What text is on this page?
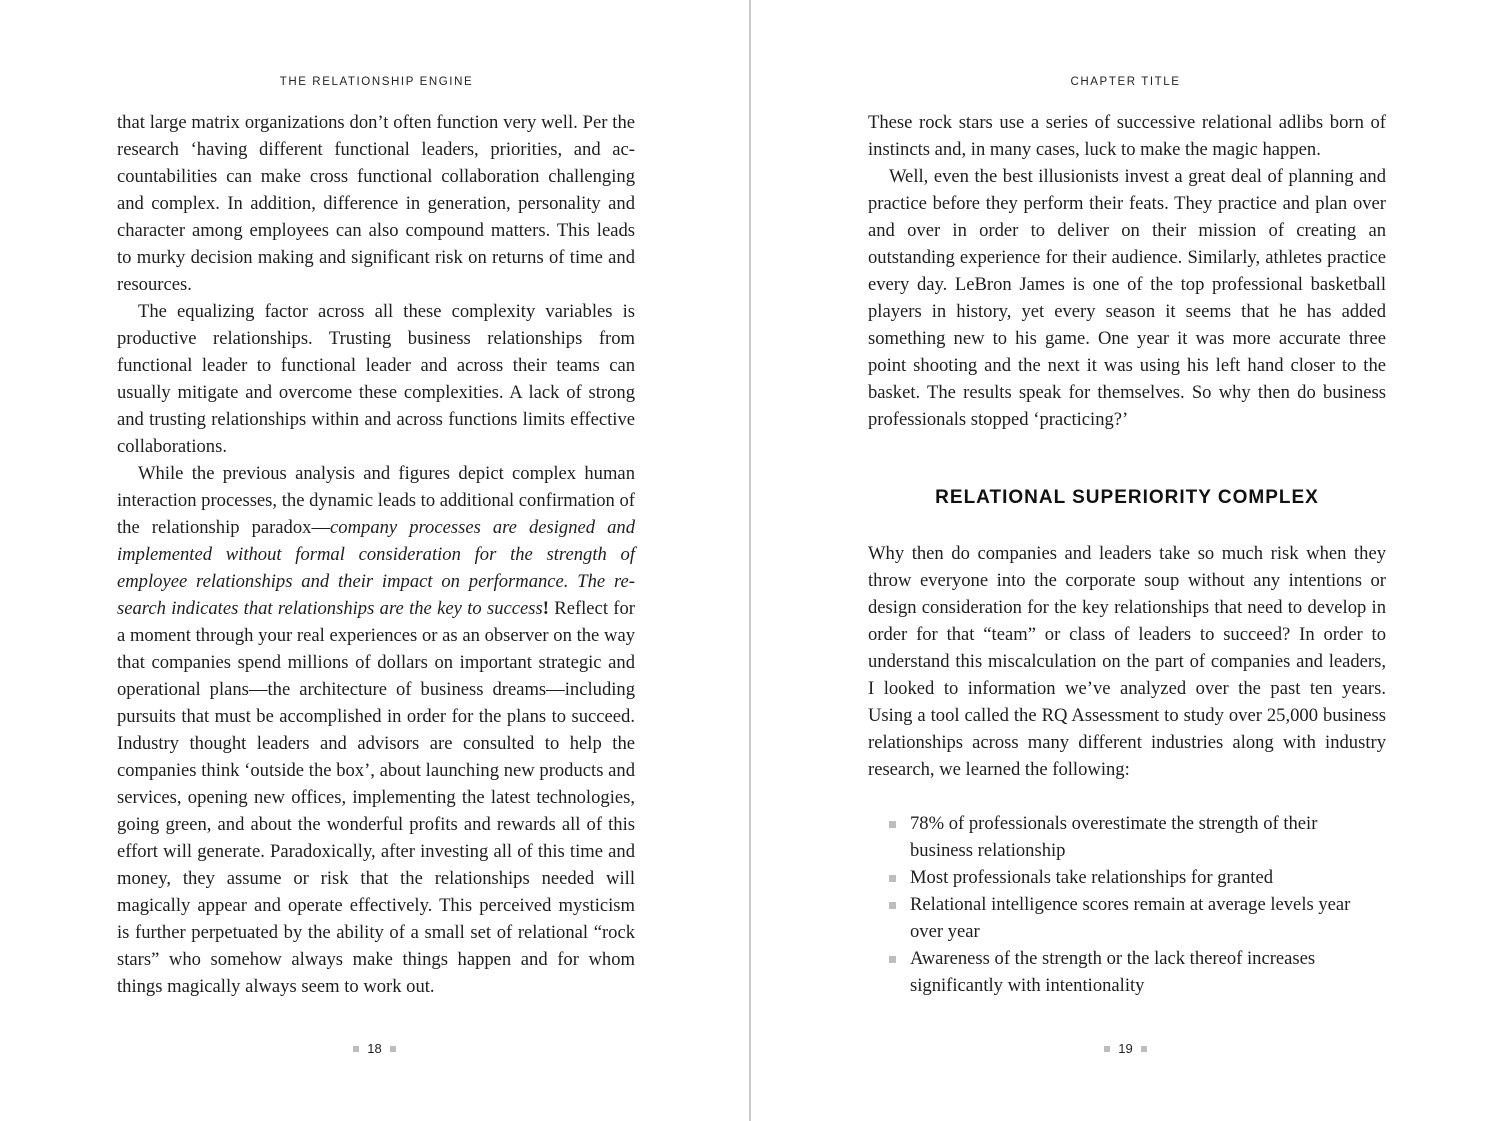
THE RELATIONSHIP ENGINE

that large matrix organizations don’t often function very well. Per the research ‘having different functional leaders, priorities, and accountabilities can make cross functional collaboration challenging and complex. In addition, difference in generation, personality and character among employees can also compound matters. This leads to murky decision making and significant risk on returns of time and resources.

The equalizing factor across all these complexity variables is productive relationships. Trusting business relationships from functional leader to functional leader and across their teams can usually mitigate and overcome these complexities. A lack of strong and trusting relationships within and across functions limits effective collaborations.

While the previous analysis and figures depict complex human interaction processes, the dynamic leads to additional confirmation of the relationship paradox—company processes are designed and implemented without formal consideration for the strength of employee relationships and their impact on performance. The research indicates that relationships are the key to success! Reflect for a moment through your real experiences or as an observer on the way that companies spend millions of dollars on important strategic and operational plans—the architecture of business dreams—including pursuits that must be accomplished in order for the plans to succeed. Industry thought leaders and advisors are consulted to help the companies think ‘outside the box’, about launching new products and services, opening new offices, implementing the latest technologies, going green, and about the wonderful profits and rewards all of this effort will generate. Paradoxically, after investing all of this time and money, they assume or risk that the relationships needed will magically appear and operate effectively. This perceived mysticism is further perpetuated by the ability of a small set of relational “rock stars” who somehow always make things happen and for whom things magically always seem to work out.

18
CHAPTER TITLE

These rock stars use a series of successive relational adlibs born of instincts and, in many cases, luck to make the magic happen.

Well, even the best illusionists invest a great deal of planning and practice before they perform their feats. They practice and plan over and over in order to deliver on their mission of creating an outstanding experience for their audience. Similarly, athletes practice every day. LeBron James is one of the top professional basketball players in history, yet every season it seems that he has added something new to his game. One year it was more accurate three point shooting and the next it was using his left hand closer to the basket. The results speak for themselves. So why then do business professionals stopped ‘practicing?’

RELATIONAL SUPERIORITY COMPLEX

Why then do companies and leaders take so much risk when they throw everyone into the corporate soup without any intentions or design consideration for the key relationships that need to develop in order for that “team” or class of leaders to succeed? In order to understand this miscalculation on the part of companies and leaders, I looked to information we’ve analyzed over the past ten years. Using a tool called the RQ Assessment to study over 25,000 business relationships across many different industries along with industry research, we learned the following:

78% of professionals overestimate the strength of their business relationship
Most professionals take relationships for granted
Relational intelligence scores remain at average levels year over year
Awareness of the strength or the lack thereof increases significantly with intentionality
19
